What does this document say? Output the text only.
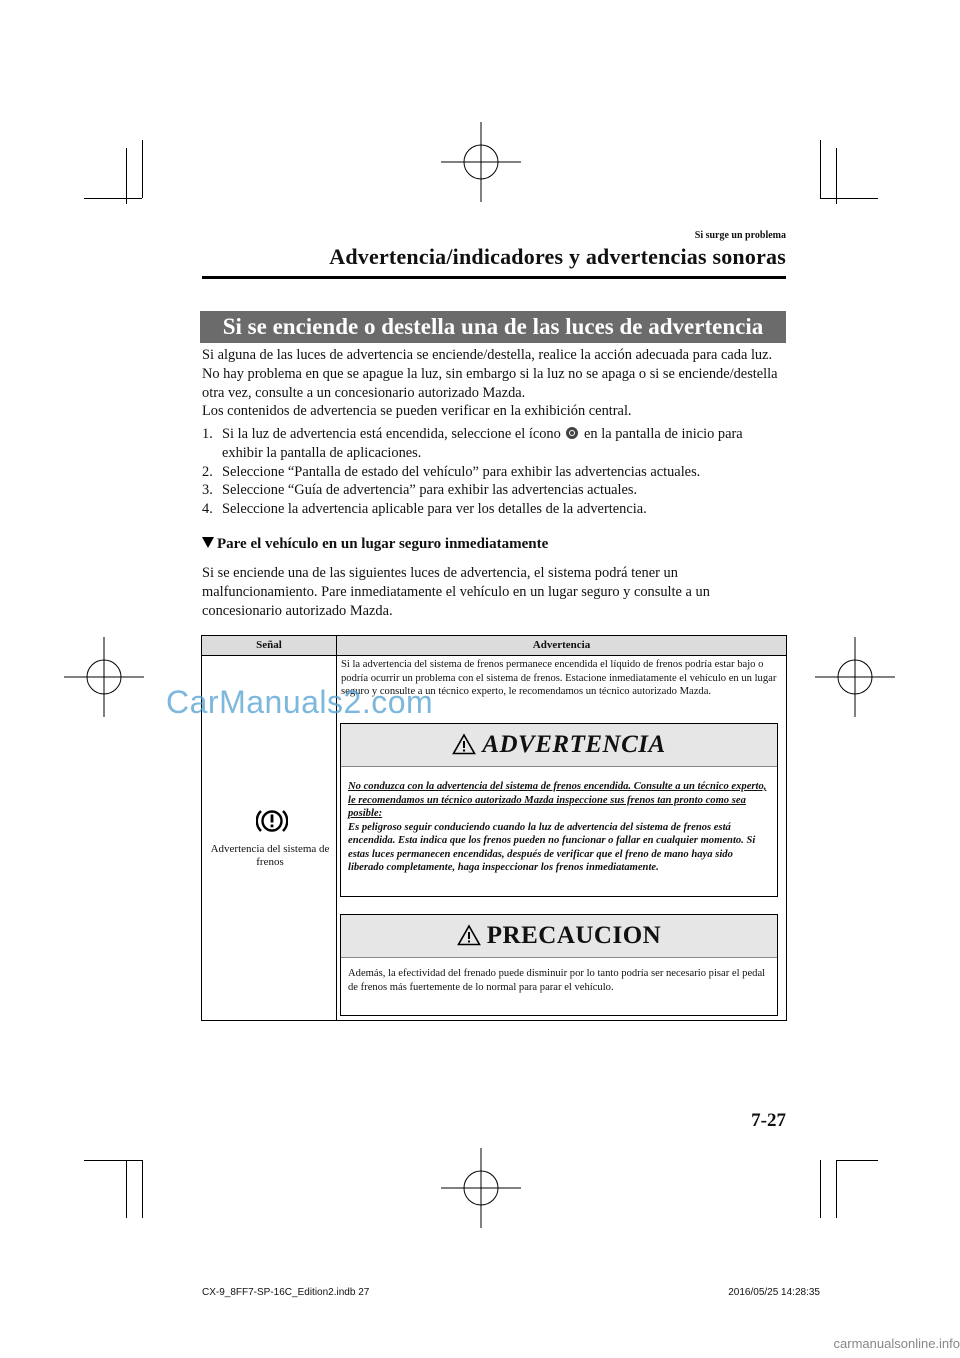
Si surge un problema
Advertencia/indicadores y advertencias sonoras
Si se enciende o destella una de las luces de advertencia
Si alguna de las luces de advertencia se enciende/destella, realice la acción adecuada para cada luz. No hay problema en que se apague la luz, sin embargo si la luz no se apaga o si se enciende/destella otra vez, consulte a un concesionario autorizado Mazda.
Los contenidos de advertencia se pueden verificar en la exhibición central.
1. Si la luz de advertencia está encendida, seleccione el ícono en la pantalla de inicio para exhibir la pantalla de aplicaciones.
2. Seleccione “Pantalla de estado del vehículo” para exhibir las advertencias actuales.
3. Seleccione “Guía de advertencia” para exhibir las advertencias actuales.
4. Seleccione la advertencia aplicable para ver los detalles de la advertencia.
Pare el vehículo en un lugar seguro inmediatamente
Si se enciende una de las siguientes luces de advertencia, el sistema podrá tener un malfuncionamiento. Pare inmediatamente el vehículo en un lugar seguro y consulte a un concesionario autorizado Mazda.
Señal	Advertencia
Advertencia del sistema de frenos
Si la advertencia del sistema de frenos permanece encendida el líquido de frenos podría estar bajo o podría ocurrir un problema con el sistema de frenos. Estacione inmediatamente el vehículo en un lugar seguro y consulte a un técnico experto, le recomendamos un técnico autorizado Mazda.
ADVERTENCIA
No conduzca con la advertencia del sistema de frenos encendida. Consulte a un técnico experto, le recomendamos un técnico autorizado Mazda inspeccione sus frenos tan pronto como sea posible:
Es peligroso seguir conduciendo cuando la luz de advertencia del sistema de frenos está encendida. Esta indica que los frenos pueden no funcionar o fallar en cualquier momento. Si estas luces permanecen encendidas, después de verificar que el freno de mano haya sido liberado completamente, haga inspeccionar los frenos inmediatamente.
PRECAUCION
Además, la efectividad del frenado puede disminuir por lo tanto podría ser necesario pisar el pedal de frenos más fuertemente de lo normal para parar el vehículo.
CarManuals2.com
7-27
CX-9_8FF7-SP-16C_Edition2.indb 27	2016/05/25 14:28:35
carmanualsonline.info
